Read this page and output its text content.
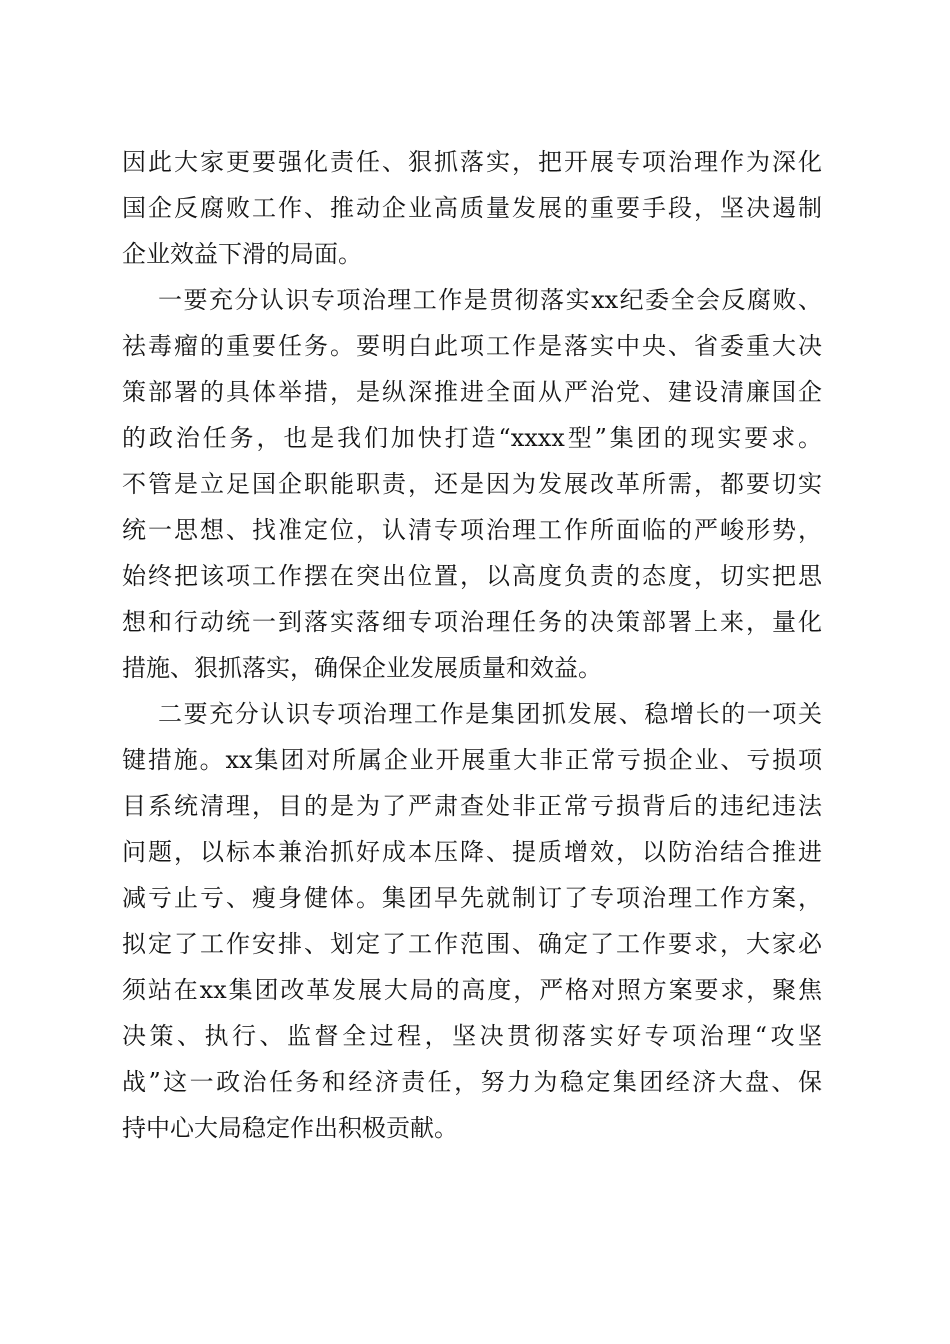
因此大家更要强化责任、狠抓落实，把开展专项治理作为深化
国企反腐败工作、推动企业高质量发展的重要手段，坚决遏制
企业效益下滑的局面。
一要充分认识专项治理工作是贯彻落实xx纪委全会反腐败、
祛毒瘤的重要任务。要明白此项工作是落实中央、省委重大决
策部署的具体举措，是纵深推进全面从严治党、建设清廉国企
的政治任务，也是我们加快打造“xxxx型”集团的现实要求。
不管是立足国企职能职责，还是因为发展改革所需，都要切实
统一思想、找准定位，认清专项治理工作所面临的严峻形势，
始终把该项工作摆在突出位置，以高度负责的态度，切实把思
想和行动统一到落实落细专项治理任务的决策部署上来，量化
措施、狠抓落实，确保企业发展质量和效益。
二要充分认识专项治理工作是集团抓发展、稳增长的一项关
键措施。xx集团对所属企业开展重大非正常亏损企业、亏损项
目系统清理，目的是为了严肃查处非正常亏损背后的违纪违法
问题，以标本兼治抓好成本压降、提质增效，以防治结合推进
减亏止亏、瘦身健体。集团早先就制订了专项治理工作方案，
拟定了工作安排、划定了工作范围、确定了工作要求，大家必
须站在xx集团改革发展大局的高度，严格对照方案要求，聚焦
决策、执行、监督全过程，坚决贯彻落实好专项治理“攻坚
战”这一政治任务和经济责任，努力为稳定集团经济大盘、保
持中心大局稳定作出积极贡献。
